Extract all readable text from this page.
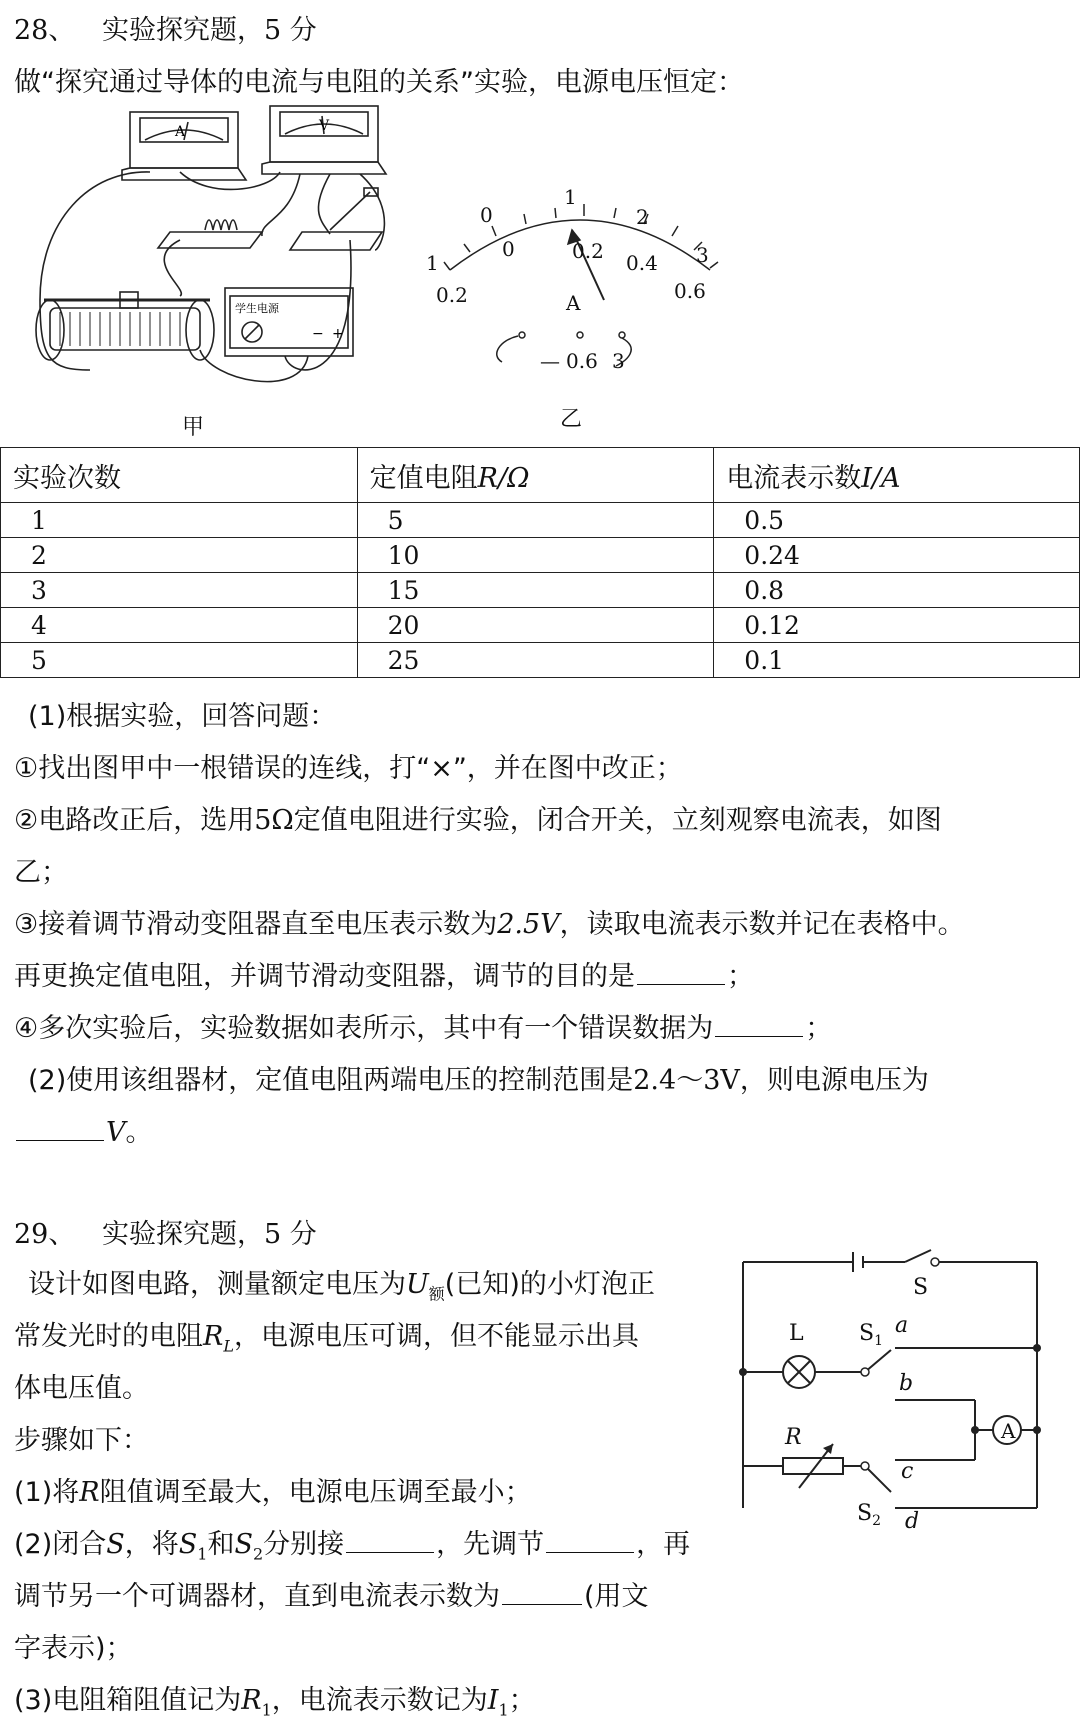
28、 实验探究题，5 分
做“探究通过导体的电流与电阻的关系”实验，电源电压恒定：
A	V
学生电源
− +
甲
0
1
2
3
0	0.2 0.4
0.6
1
0.2	A
— 0.6 3
乙
实验次数	定值电阻R/Ω	电流表示数I/A
1	5	0.5
2	10	0.24
3	15	0.8
4	20	0.12
5	25	0.1
(1)根据实验，回答问题：
①找出图甲中一根错误的连线，打“×”，并在图中改正；
②电路改正后，选用5Ω定值电阻进行实验，闭合开关，立刻观察电流表，如图
乙；
③接着调节滑动变阻器直至电压表示数为2.5V，读取电流表示数并记在表格中。
再更换定值电阻，并调节滑动变阻器，调节的目的是	；
④多次实验后，实验数据如表所示，其中有一个错误数据为	；
(2)使用该组器材，定值电阻两端电压的控制范围是2.4～3V，则电源电压为
V。
29、 实验探究题，5 分
设计如图电路，测量额定电压为$U_额$(已知)的小灯泡正
常发光时的电阻$R_L$，电源电压可调，但不能显示出具
体电压值。
步骤如下：
(1)将R阻值调至最大，电源电压调至最小；
(2)闭合S，将$S_1$和$S_2$分别接	，先调节	，再
调节另一个可调器材，直到电流表示数为	(用文
字表示)；
(3)电阻箱阻值记为$R_1$，电流表示数记为$I_1$；
S
L	$S_1$
a
b
A
R
c
$S_2$ d
